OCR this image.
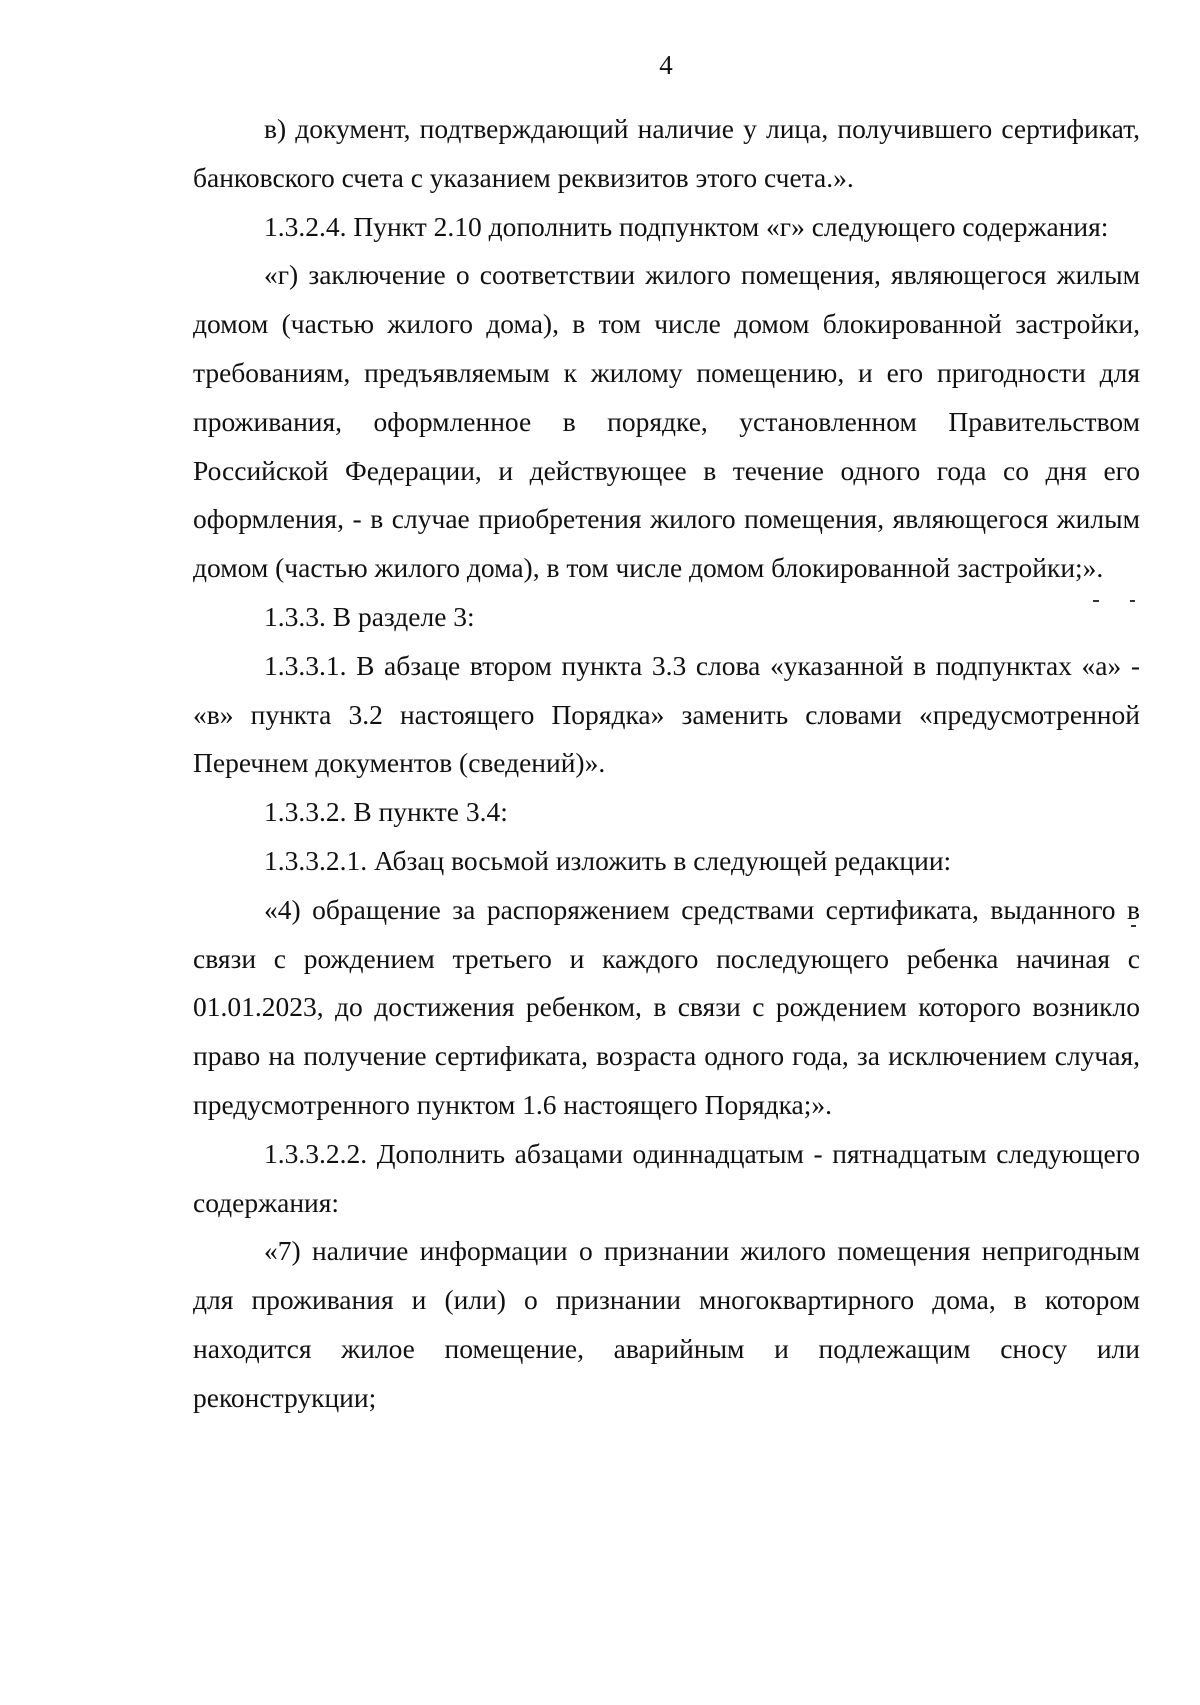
4

в) документ, подтверждающий наличие у лица, получившего сертификат, банковского счета с указанием реквизитов этого счета.».

1.3.2.4. Пункт 2.10 дополнить подпунктом «г» следующего содержания:

«г) заключение о соответствии жилого помещения, являющегося жилым домом (частью жилого дома), в том числе домом блокированной застройки, требованиям, предъявляемым к жилому помещению, и его пригодности для проживания, оформленное в порядке, установленном Правительством Российской Федерации, и действующее в течение одного года со дня его оформления, - в случае приобретения жилого помещения, являющегося жилым домом (частью жилого дома), в том числе домом блокированной застройки;».

1.3.3. В разделе 3:

1.3.3.1. В абзаце втором пункта 3.3 слова «указанной в подпунктах «а» - «в» пункта 3.2 настоящего Порядка» заменить словами «предусмотренной Перечнем документов (сведений)».

1.3.3.2. В пункте 3.4:

1.3.3.2.1. Абзац восьмой изложить в следующей редакции:

«4) обращение за распоряжением средствами сертификата, выданного в связи с рождением третьего и каждого последующего ребенка начиная с 01.01.2023, до достижения ребенком, в связи с рождением которого возникло право на получение сертификата, возраста одного года, за исключением случая, предусмотренного пунктом 1.6 настоящего Порядка;».

1.3.3.2.2. Дополнить абзацами одиннадцатым - пятнадцатым следующего содержания:

«7) наличие информации о признании жилого помещения непригодным для проживания и (или) о признании многоквартирного дома, в котором находится жилое помещение, аварийным и подлежащим сносу или реконструкции;
